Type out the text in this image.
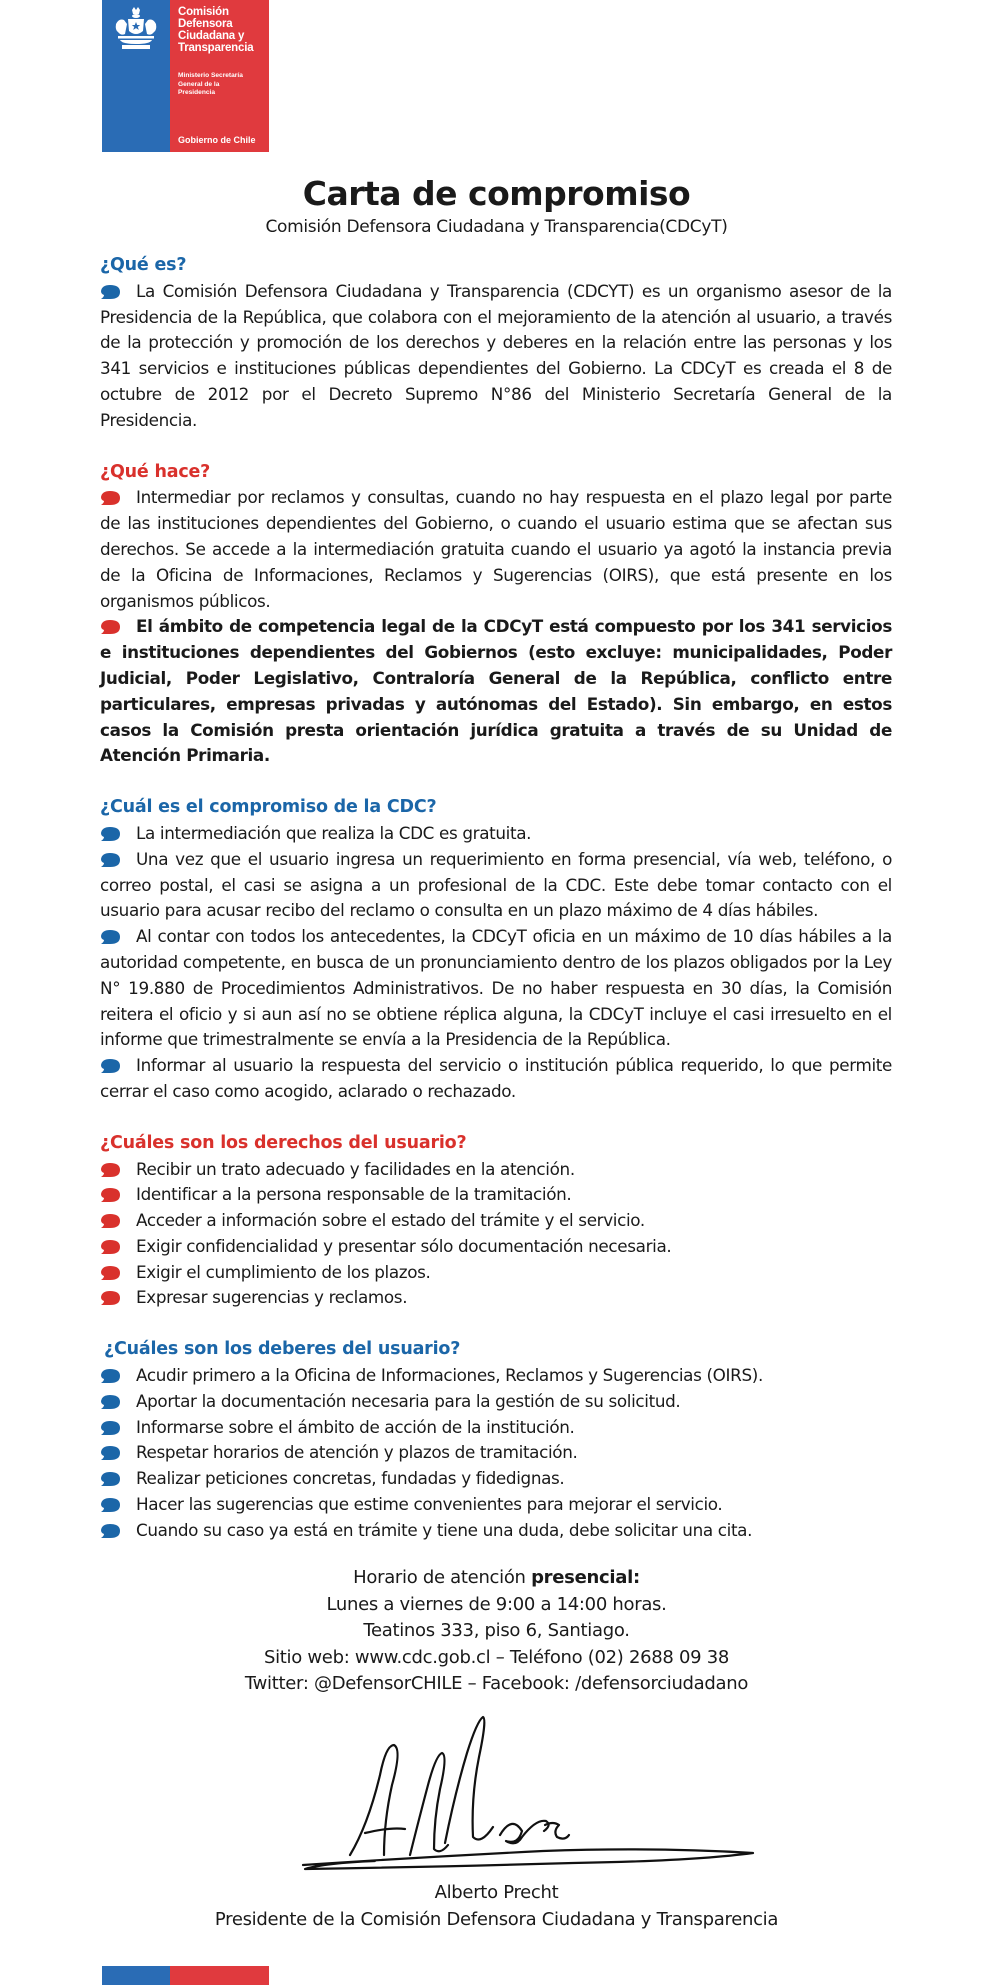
Comisión
Defensora
Ciudadana y
Transparencia
Ministerio Secretaría
General de la
Presidencia
Gobierno de Chile
Carta de compromiso
Comisión Defensora Ciudadana y Transparencia(CDCyT)
¿Qué es?

La Comisión Defensora Ciudadana y Transparencia (CDCYT) es un organismo asesor de la Presidencia de la República, que colabora con el mejoramiento de la atención al usuario, a través de la protección y promoción de los derechos y deberes en la relación entre las personas y los 341 servicios e instituciones públicas dependientes del Gobierno. La CDCyT es creada el 8 de octubre de 2012 por el Decreto Supremo N°86 del Ministerio Secretaría General de la Presidencia.

¿Qué hace?

Intermediar por reclamos y consultas, cuando no hay respuesta en el plazo legal por parte de las instituciones dependientes del Gobierno, o cuando el usuario estima que se afectan sus derechos. Se accede a la intermediación gratuita cuando el usuario ya agotó la instancia previa de la Oficina de Informaciones, Reclamos y Sugerencias (OIRS), que está presente en los organismos públicos.

El ámbito de competencia legal de la CDCyT está compuesto por los 341 servicios e instituciones dependientes del Gobiernos (esto excluye: municipalidades, Poder Judicial, Poder Legislativo, Contraloría General de la República, conflicto entre particulares, empresas privadas y autónomas del Estado). Sin embargo, en estos casos la Comisión presta orientación jurídica gratuita a través de su Unidad de Atención Primaria.

¿Cuál es el compromiso de la CDC?

La intermediación que realiza la CDC es gratuita.

Una vez que el usuario ingresa un requerimiento en forma presencial, vía web, teléfono, o correo postal, el casi se asigna a un profesional de la CDC. Este debe tomar contacto con el usuario para acusar recibo del reclamo o consulta en un plazo máximo de 4 días hábiles.

Al contar con todos los antecedentes, la CDCyT oficia en un máximo de 10 días hábiles a la autoridad competente, en busca de un pronunciamiento dentro de los plazos obligados por la Ley N° 19.880 de Procedimientos Administrativos. De no haber respuesta en 30 días, la Comisión reitera el oficio y si aun así no se obtiene réplica alguna, la CDCyT incluye el casi irresuelto en el informe que trimestralmente se envía a la Presidencia de la República.

Informar al usuario la respuesta del servicio o institución pública requerido, lo que permite cerrar el caso como acogido, aclarado o rechazado.

¿Cuáles son los derechos del usuario?
Recibir un trato adecuado y facilidades en la atención.
Identificar a la persona responsable de la tramitación.
Acceder a información sobre el estado del trámite y el servicio.
Exigir confidencialidad y presentar sólo documentación necesaria.
Exigir el cumplimiento de los plazos.
Expresar sugerencias y reclamos.
¿Cuáles son los deberes del usuario?
Acudir primero a la Oficina de Informaciones, Reclamos y Sugerencias (OIRS).
Aportar la documentación necesaria para la gestión de su solicitud.
Informarse sobre el ámbito de acción de la institución.
Respetar horarios de atención y plazos de tramitación.
Realizar peticiones concretas, fundadas y fidedignas.
Hacer las sugerencias que estime convenientes para mejorar el servicio.
Cuando su caso ya está en trámite y tiene una duda, debe solicitar una cita.
Horario de atención presencial:
Lunes a viernes de 9:00 a 14:00 horas.
Teatinos 333, piso 6, Santiago.
Sitio web: www.cdc.gob.cl – Teléfono (02) 2688 09 38
Twitter: @DefensorCHILE – Facebook: /defensorciudadano
Alberto Precht
Presidente de la Comisión Defensora Ciudadana y Transparencia
